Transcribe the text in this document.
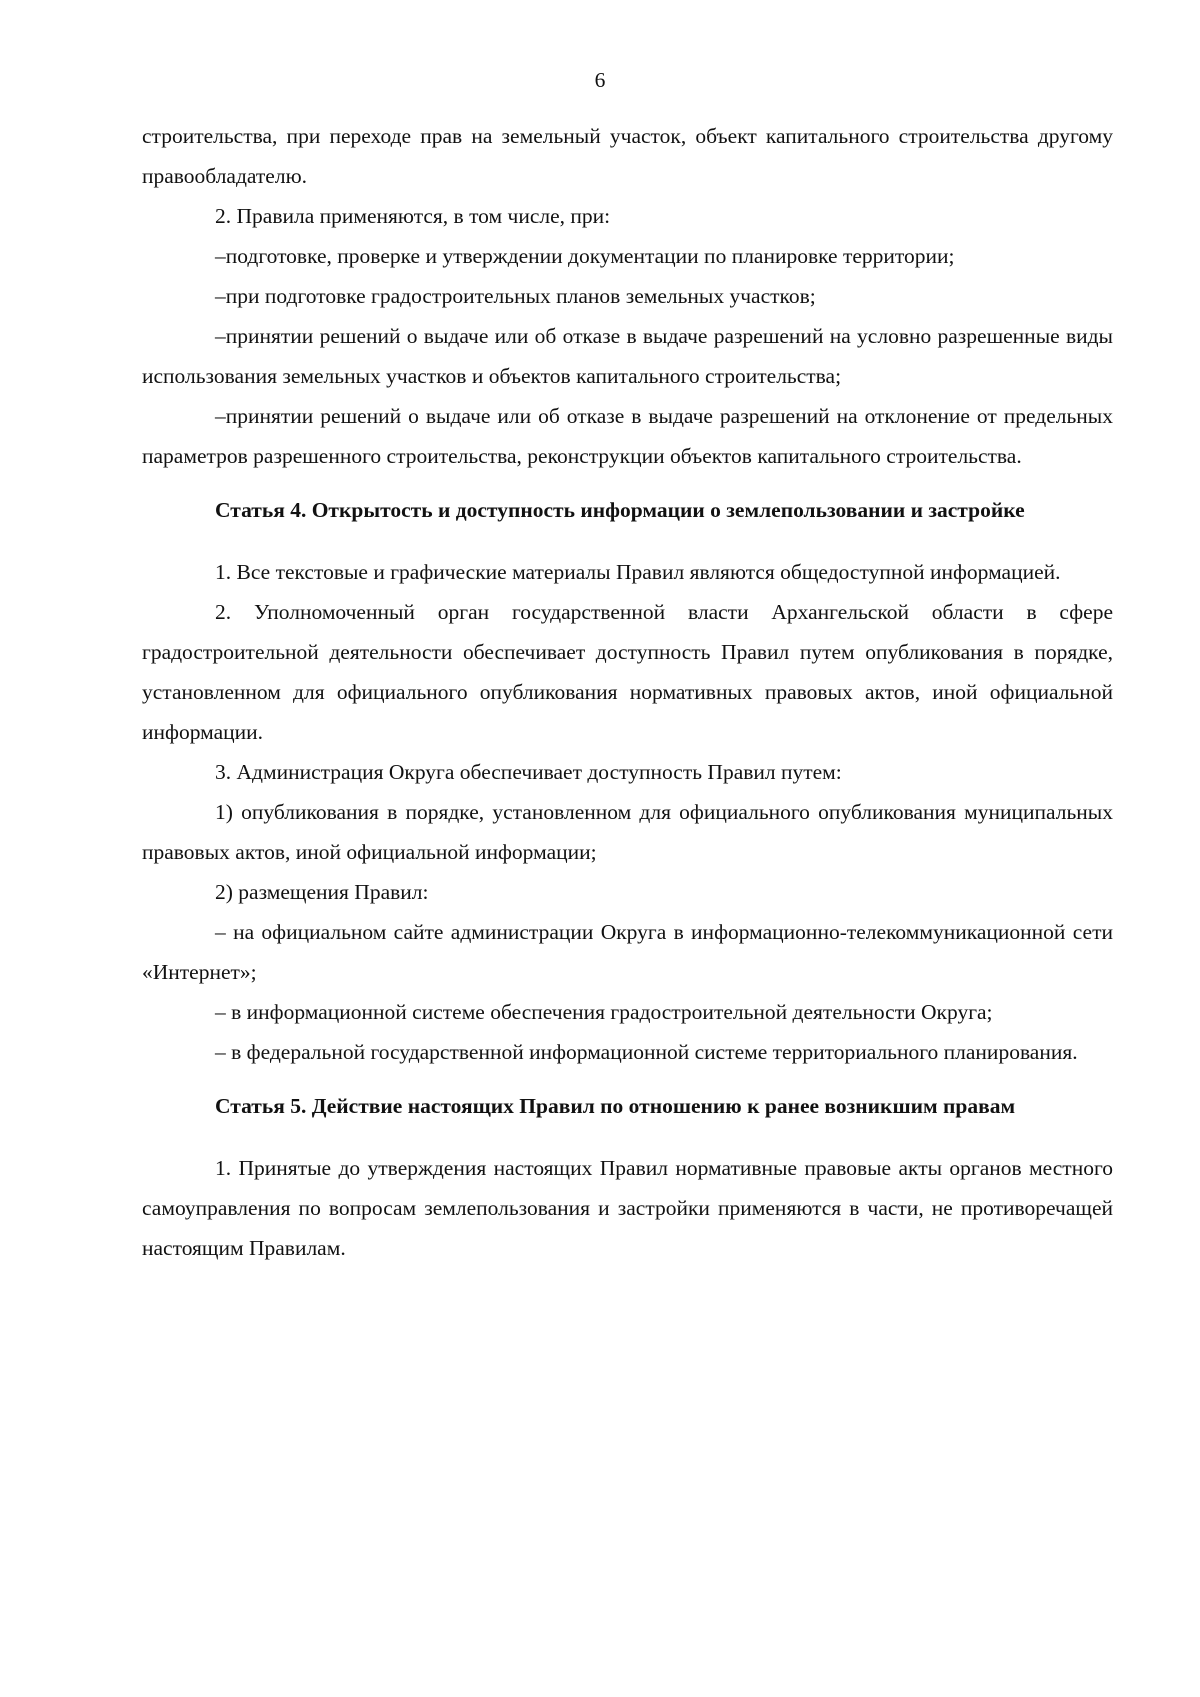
6

строительства, при переходе прав на земельный участок, объект капитального строительства другому правообладателю.

2. Правила применяются, в том числе, при:

–подготовке, проверке и утверждении документации по планировке территории;

–при подготовке градостроительных планов земельных участков;

–принятии решений о выдаче или об отказе в выдаче разрешений на условно разрешенные виды использования земельных участков и объектов капитального строительства;

–принятии решений о выдаче или об отказе в выдаче разрешений на отклонение от предельных параметров разрешенного строительства, реконструкции объектов капитального строительства.

Статья 4. Открытость и доступность информации о землепользовании и застройке

1. Все текстовые и графические материалы Правил являются общедоступной информацией.

2. Уполномоченный орган государственной власти Архангельской области в сфере градостроительной деятельности обеспечивает доступность Правил путем опубликования в порядке, установленном для официального опубликования нормативных правовых актов, иной официальной информации.

3. Администрация Округа обеспечивает доступность Правил путем:

1) опубликования в порядке, установленном для официального опубликования муниципальных правовых актов, иной официальной информации;

2) размещения Правил:

– на официальном сайте администрации Округа в информационно-телекоммуникационной сети «Интернет»;

– в информационной системе обеспечения градостроительной деятельности Округа;

– в федеральной государственной информационной системе территориального планирования.

Статья 5. Действие настоящих Правил по отношению к ранее возникшим правам

1. Принятые до утверждения настоящих Правил нормативные правовые акты органов местного самоуправления по вопросам землепользования и застройки применяются в части, не противоречащей настоящим Правилам.
